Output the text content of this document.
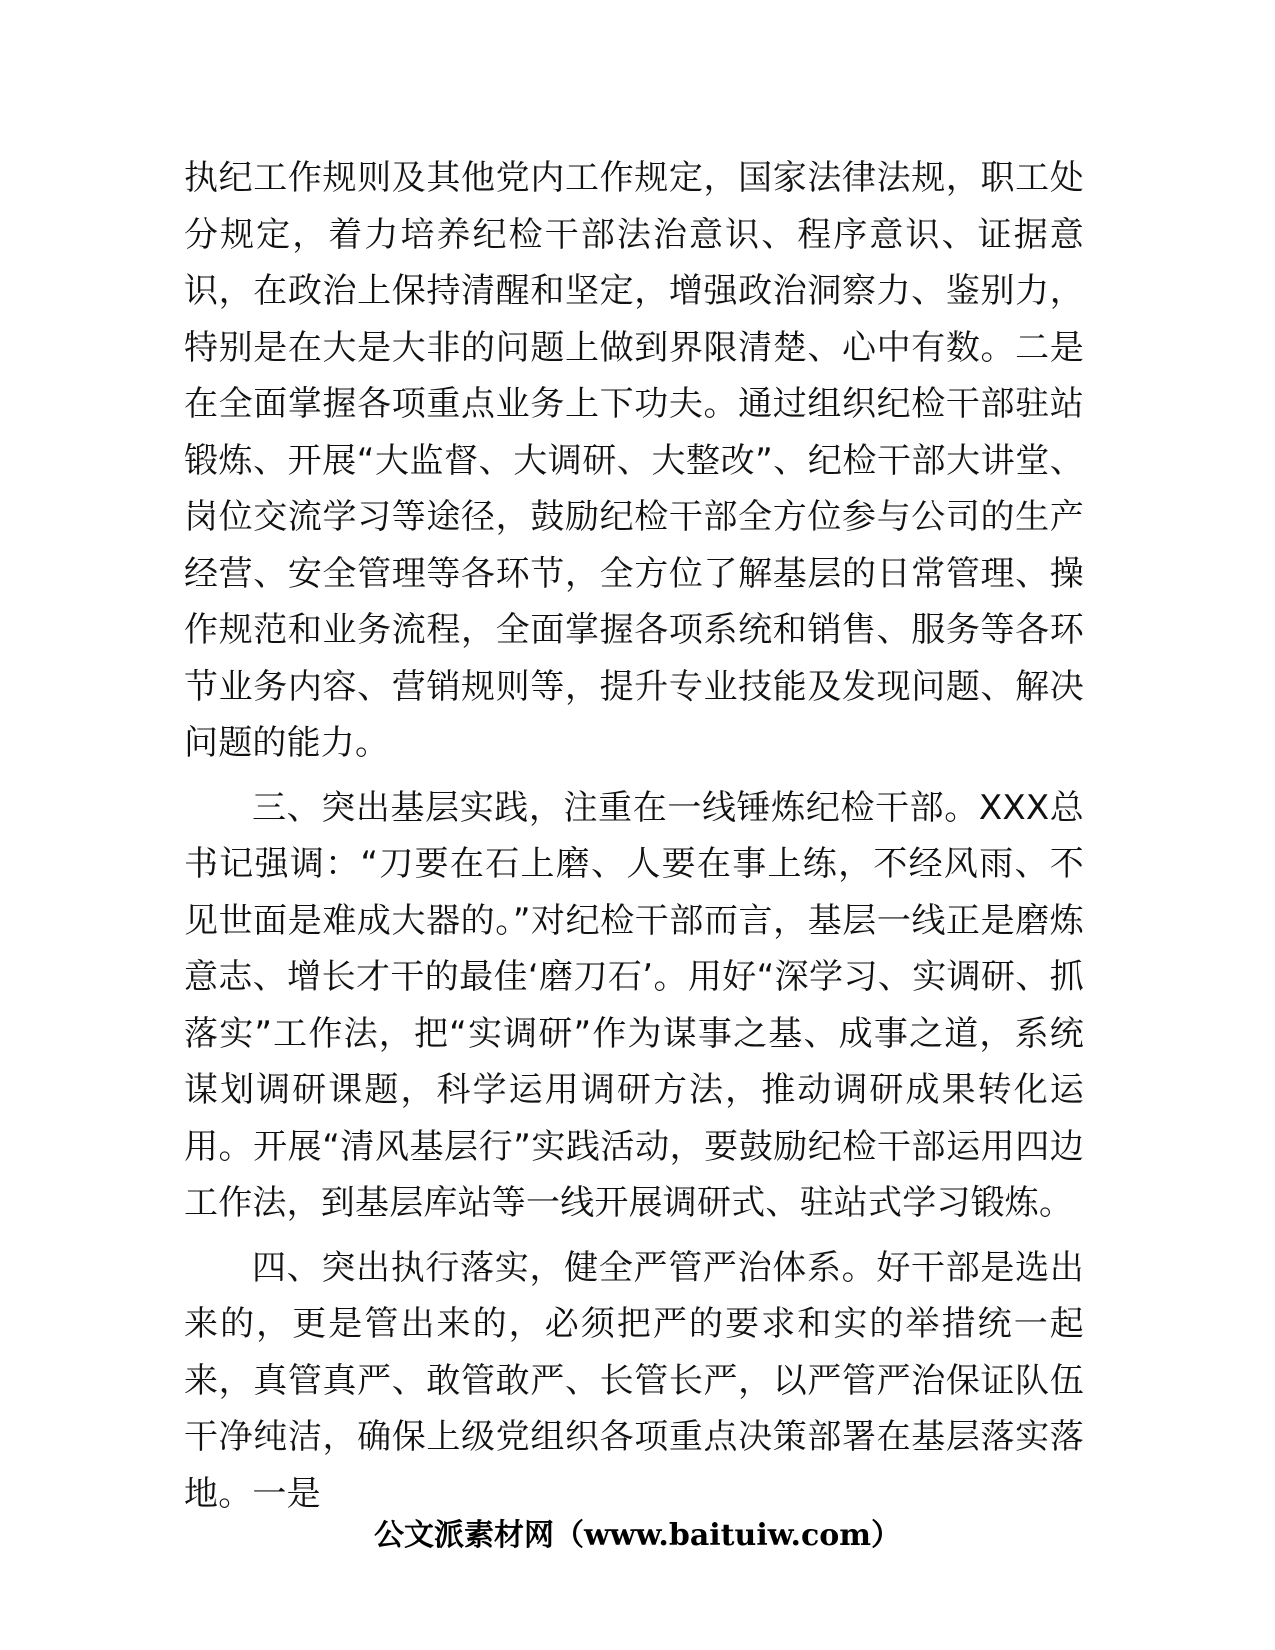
执纪工作规则及其他党内工作规定，国家法律法规，职工处分规定，着力培养纪检干部法治意识、程序意识、证据意识，在政治上保持清醒和坚定，增强政治洞察力、鉴别力，特别是在大是大非的问题上做到界限清楚、心中有数。二是在全面掌握各项重点业务上下功夫。通过组织纪检干部驻站锻炼、开展“大监督、大调研、大整改”、纪检干部大讲堂、岗位交流学习等途径，鼓励纪检干部全方位参与公司的生产经营、安全管理等各环节，全方位了解基层的日常管理、操作规范和业务流程，全面掌握各项系统和销售、服务等各环节业务内容、营销规则等，提升专业技能及发现问题、解决问题的能力。

三、突出基层实践，注重在一线锤炼纪检干部。XXX总书记强调：“刀要在石上磨、人要在事上练，不经风雨、不见世面是难成大器的。”对纪检干部而言，基层一线正是磨炼意志、增长才干的最佳‘磨刀石’。用好“深学习、实调研、抓落实”工作法，把“实调研”作为谋事之基、成事之道，系统谋划调研课题，科学运用调研方法，推动调研成果转化运用。开展“清风基层行”实践活动，要鼓励纪检干部运用四边工作法，到基层库站等一线开展调研式、驻站式学习锻炼。

四、突出执行落实，健全严管严治体系。好干部是选出来的，更是管出来的，必须把严的要求和实的举措统一起来，真管真严、敢管敢严、长管长严，以严管严治保证队伍干净纯洁，确保上级党组织各项重点决策部署在基层落实落地。一是

公文派素材网（www.baituiw.com）
